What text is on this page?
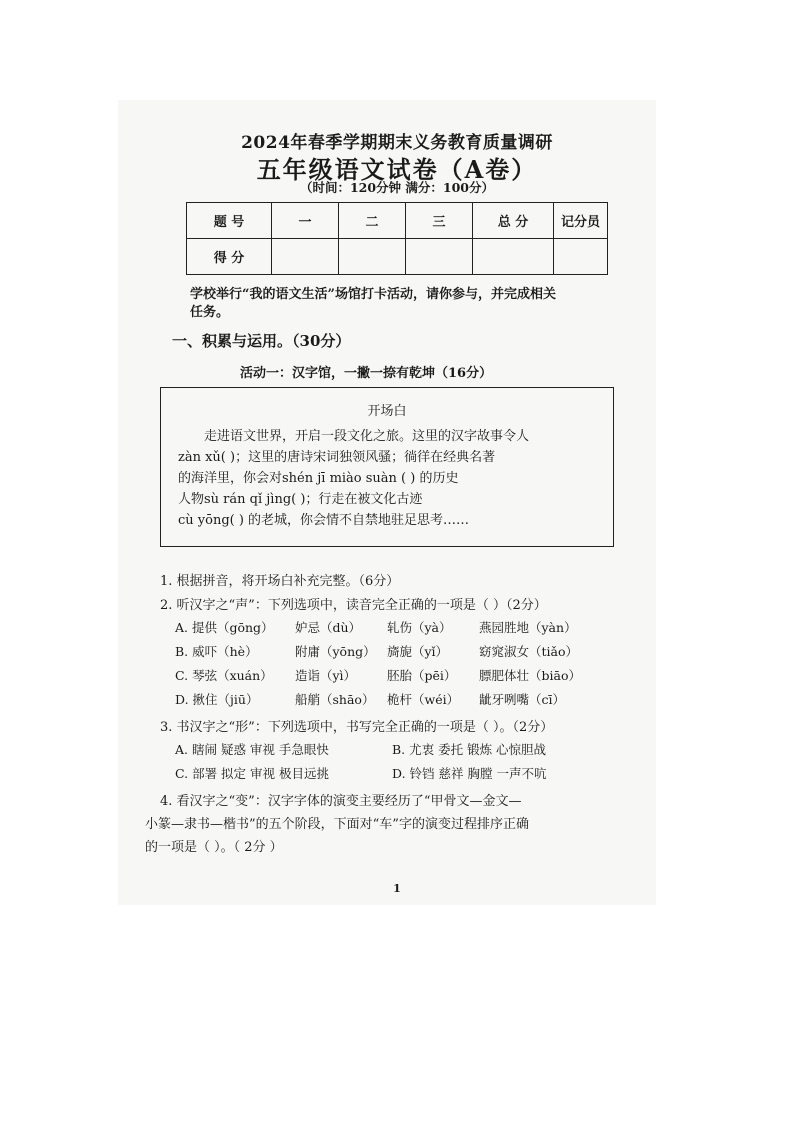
2024年春季学期期末义务教育质量调研
五年级语文试卷（A卷）
（时间：120分钟 满分：100分）
题 号	一	二	三	总 分	记分员
得 分					
学校举行“我的语文生活”场馆打卡活动，请你参与，并完成相关
任务。
一、积累与运用。（30分）
活动一：汉字馆，一撇一捺有乾坤（16分）
开场白
走进语文世界，开启一段文化之旅。这里的汉字故事令人
zàn xǔ( )；这里的唐诗宋词独领风骚；徜徉在经典名著
的海洋里，你会对shén jī miào suàn ( ) 的历史
人物sù rán qǐ jìng( )；行走在被文化古迹
cù yōng( ) 的老城，你会情不自禁地驻足思考……
1. 根据拼音，将开场白补充完整。（6分）
2. 听汉字之“声”：下列选项中，读音完全正确的一项是（ ）（2分）
A. 提供（gōng） 妒忌（dù） 轧伤（yà） 燕园胜地（yàn）
B. 威吓（hè）	附庸（yōng） 旖旎（yǐ） 窈窕淑女（tiǎo）
C. 琴弦（xuán） 造诣（yì） 胚胎（pēi） 膘肥体壮（biāo）
D. 揪住（jiū）	船艄（shāo） 桅杆（wéi） 龇牙咧嘴（cī）
3. 书汉字之“形”：下列选项中，书写完全正确的一项是（ ）。（2分）
A. 瞎闹 疑惑 审视 手急眼快	B. 尤衷 委托 锻炼 心惊胆战
C. 部署 拟定 审视 极目远挑	D. 铃铛 慈祥 胸膛 一声不吭
4. 看汉字之“变”：汉字字体的演变主要经历了“甲骨文—金文—
小篆—隶书—楷书”的五个阶段，下面对“车”字的演变过程排序正确
的一项是（ ）。（ 2分 ）
1
